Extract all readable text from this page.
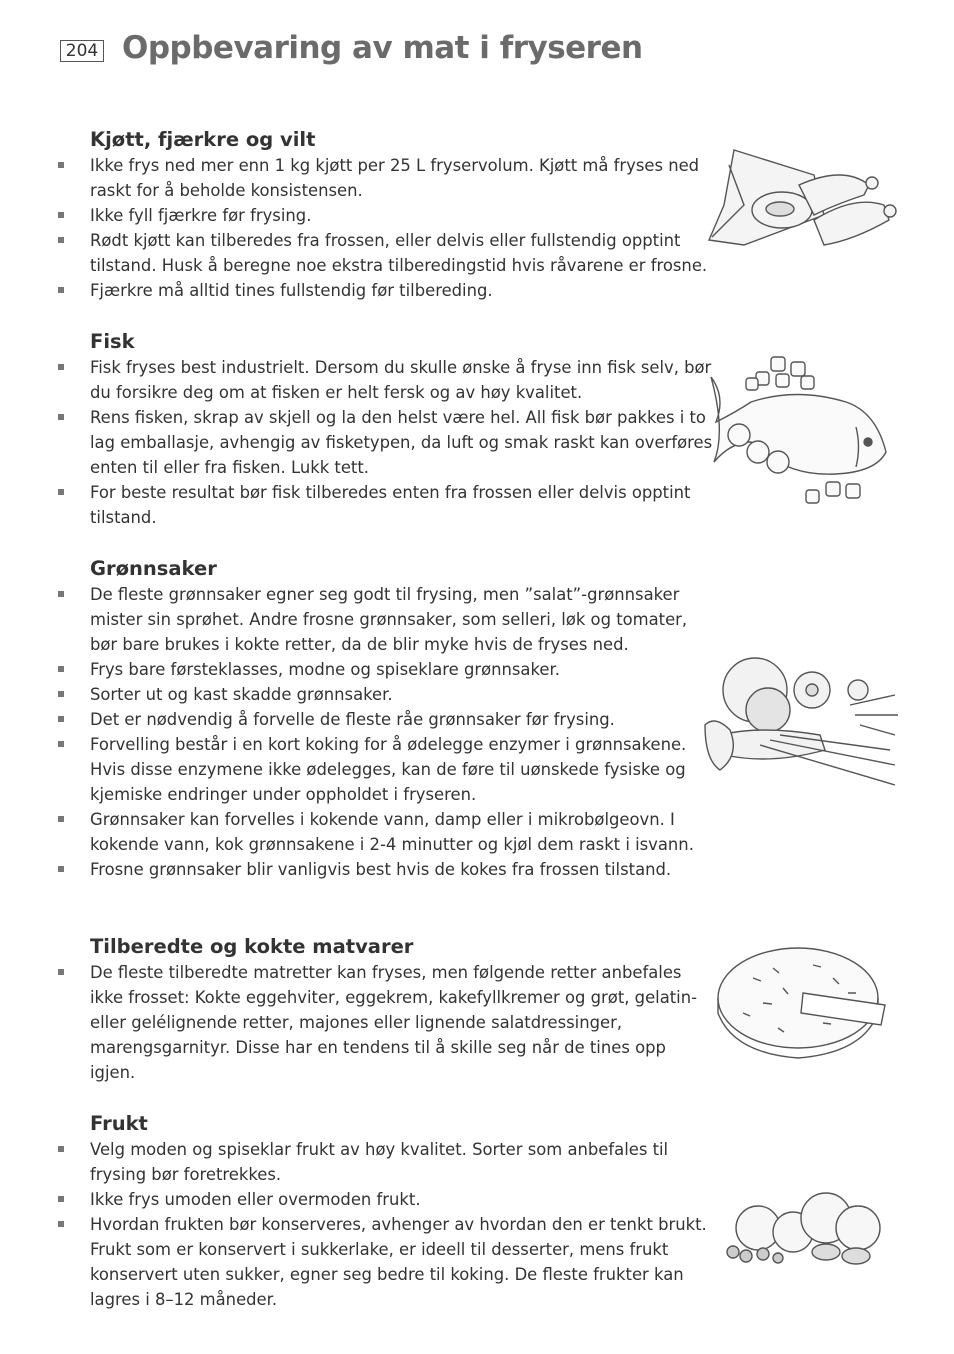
204 Oppbevaring av mat i fryseren
Kjøtt, fjærkre og vilt
Ikke frys ned mer enn 1 kg kjøtt per 25 L fryservolum. Kjøtt må fryses ned raskt for å beholde konsistensen.
Ikke fyll fjærkre før frysing.
Rødt kjøtt kan tilberedes fra frossen, eller delvis eller fullstendig opptint tilstand. Husk å beregne noe ekstra tilberedingstid hvis råvarene er frosne.
Fjærkre må alltid tines fullstendig før tilbereding.
Fisk
Fisk fryses best industrielt. Dersom du skulle ønske å fryse inn fisk selv, bør du forsikre deg om at fisken er helt fersk og av høy kvalitet.
Rens fisken, skrap av skjell og la den helst være hel. All fisk bør pakkes i to lag emballasje, avhengig av fisketypen, da luft og smak raskt kan overføres enten til eller fra fisken. Lukk tett.
For beste resultat bør fisk tilberedes enten fra frossen eller delvis opptint tilstand.
Grønnsaker
De fleste grønnsaker egner seg godt til frysing, men ”salat”-grønnsaker mister sin sprøhet. Andre frosne grønnsaker, som selleri, løk og tomater, bør bare brukes i kokte retter, da de blir myke hvis de fryses ned.
Frys bare førsteklasses, modne og spiseklare grønnsaker.
Sorter ut og kast skadde grønnsaker.
Det er nødvendig å forvelle de fleste råe grønnsaker før frysing.
Forvelling består i en kort koking for å ødelegge enzymer i grønnsakene. Hvis disse enzymene ikke ødelegges, kan de føre til uønskede fysiske og kjemiske endringer under oppholdet i fryseren.
Grønnsaker kan forvelles i kokende vann, damp eller i mikrobølgeovn. I kokende vann, kok grønnsakene i 2-4 minutter og kjøl dem raskt i isvann.
Frosne grønnsaker blir vanligvis best hvis de kokes fra frossen tilstand.
Tilberedte og kokte matvarer
De fleste tilberedte matretter kan fryses, men følgende retter anbefales ikke frosset: Kokte eggehviter, eggekrem, kakefyllkremer og grøt, gelatin- eller gelélignende retter, majones eller lignende salatdressinger, marengsgarnityr. Disse har en tendens til å skille seg når de tines opp igjen.
Frukt
Velg moden og spiseklar frukt av høy kvalitet. Sorter som anbefales til frysing bør foretrekkes.
Ikke frys umoden eller overmoden frukt.
Hvordan frukten bør konserveres, avhenger av hvordan den er tenkt brukt. Frukt som er konservert i sukkerlake, er ideell til desserter, mens frukt konservert uten sukker, egner seg bedre til koking. De fleste frukter kan lagres i 8–12 måneder.
